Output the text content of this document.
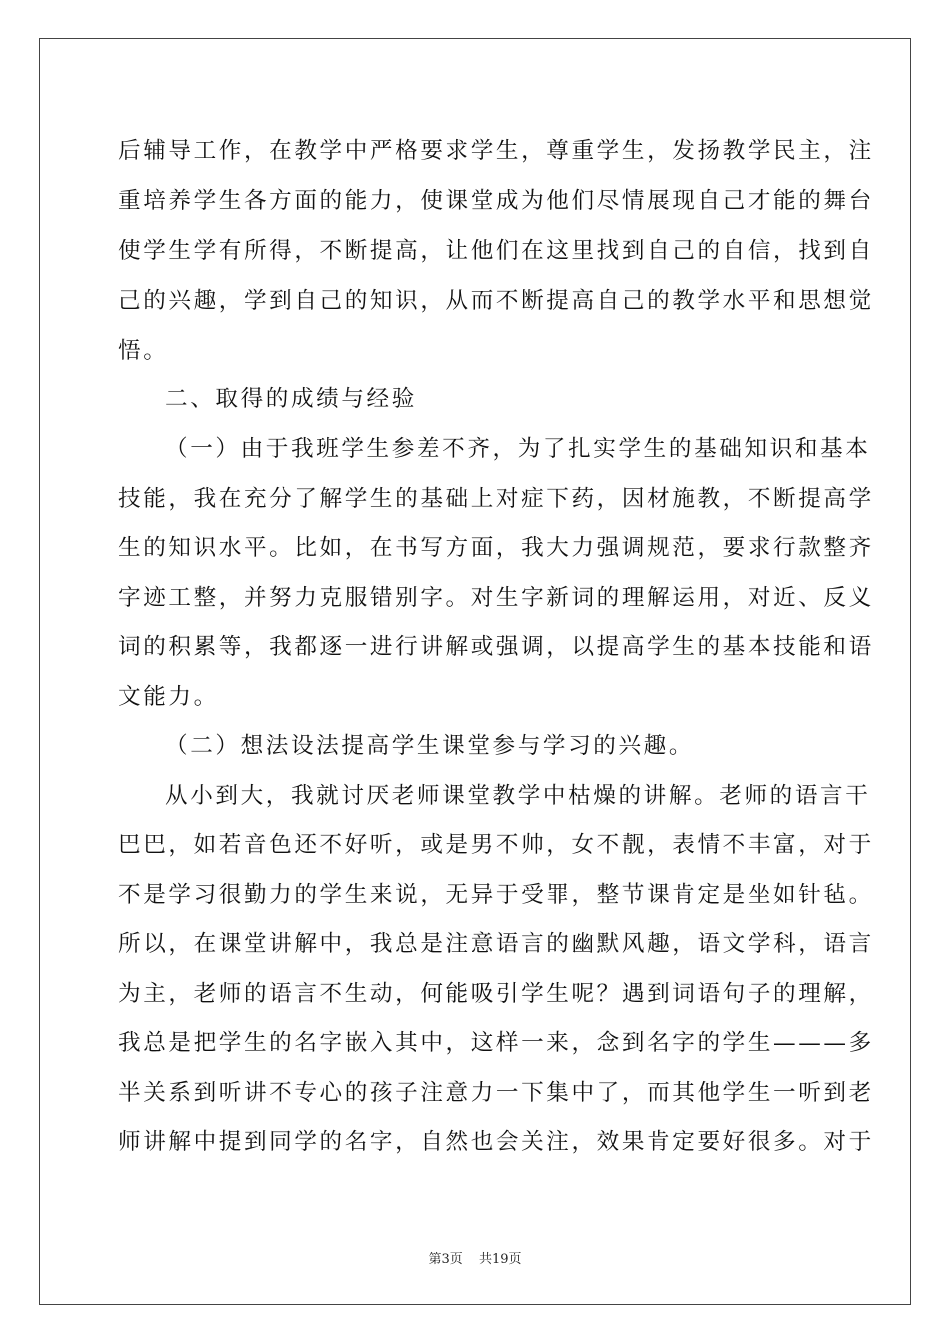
后辅导工作，在教学中严格要求学生，尊重学生，发扬教学民主，注
重培养学生各方面的能力，使课堂成为他们尽情展现自己才能的舞台
使学生学有所得，不断提高，让他们在这里找到自己的自信，找到自
己的兴趣，学到自己的知识，从而不断提高自己的教学水平和思想觉
悟。
二、取得的成绩与经验
（一）由于我班学生参差不齐，为了扎实学生的基础知识和基本
技能，我在充分了解学生的基础上对症下药，因材施教，不断提高学
生的知识水平。比如，在书写方面，我大力强调规范，要求行款整齐
字迹工整，并努力克服错别字。对生字新词的理解运用，对近、反义
词的积累等，我都逐一进行讲解或强调，以提高学生的基本技能和语
文能力。
（二）想法设法提高学生课堂参与学习的兴趣。
从小到大，我就讨厌老师课堂教学中枯燥的讲解。老师的语言干
巴巴，如若音色还不好听，或是男不帅，女不靓，表情不丰富，对于
不是学习很勤力的学生来说，无异于受罪，整节课肯定是坐如针毡。
所以，在课堂讲解中，我总是注意语言的幽默风趣，语文学科，语言
为主，老师的语言不生动，何能吸引学生呢？遇到词语句子的理解，
我总是把学生的名字嵌入其中，这样一来，念到名字的学生———多
半关系到听讲不专心的孩子注意力一下集中了，而其他学生一听到老
师讲解中提到同学的名字，自然也会关注，效果肯定要好很多。对于
第3页 共19页
